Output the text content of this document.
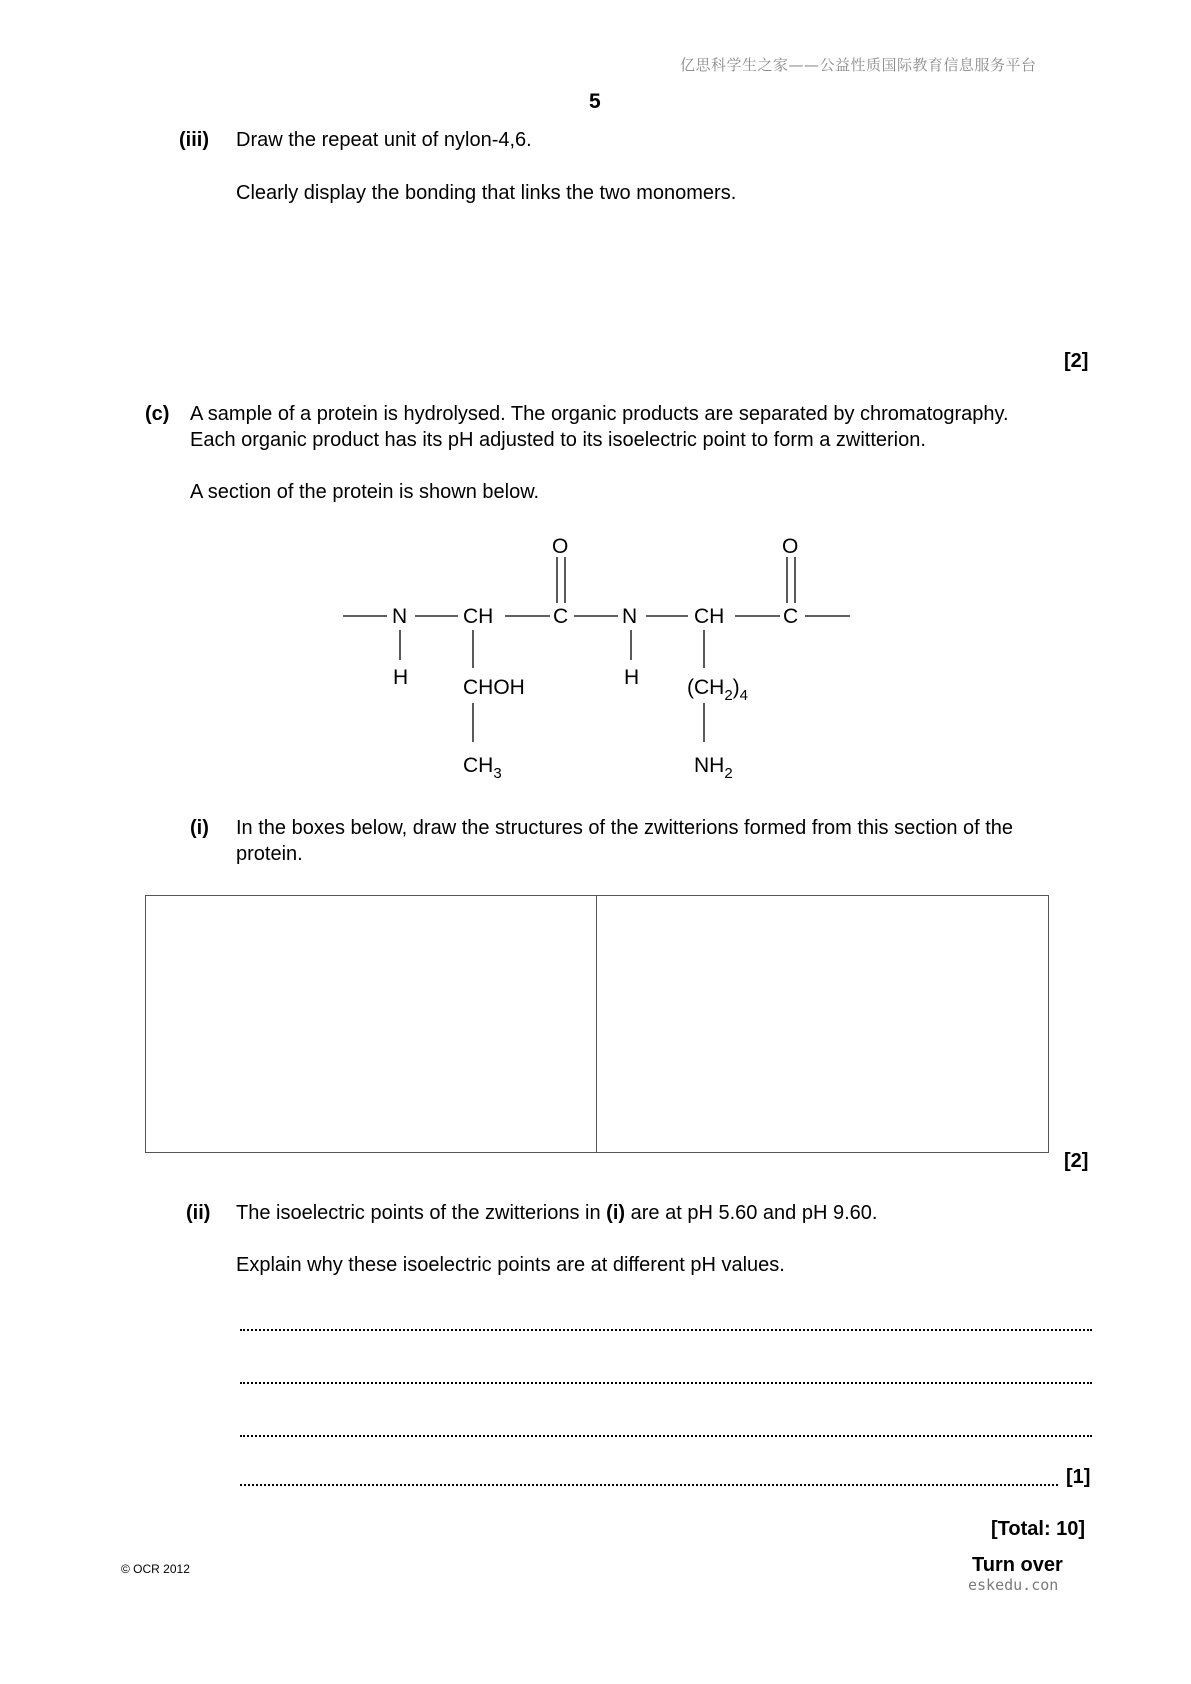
亿思科学生之家——公益性质国际教育信息服务平台
5
(iii) Draw the repeat unit of nylon-4,6.
Clearly display the bonding that links the two monomers.
[2]
(c) A sample of a protein is hydrolysed. The organic products are separated by chromatography.
Each organic product has its pH adjusted to its isoelectric point to form a zwitterion.
A section of the protein is shown below.
N	CH	C	N	CH	C
O	O
H	H
CHOH
$CH_3$
$(CH_2)_4$
$NH_2$
(i) In the boxes below, draw the structures of the zwitterions formed from this section of the
protein.
[2]
(ii) The isoelectric points of the zwitterions in (i) are at pH 5.60 and pH 9.60.
Explain why these isoelectric points are at different pH values.
[1]
[Total: 10]
© OCR 2012	Turn over
eskedu.con
